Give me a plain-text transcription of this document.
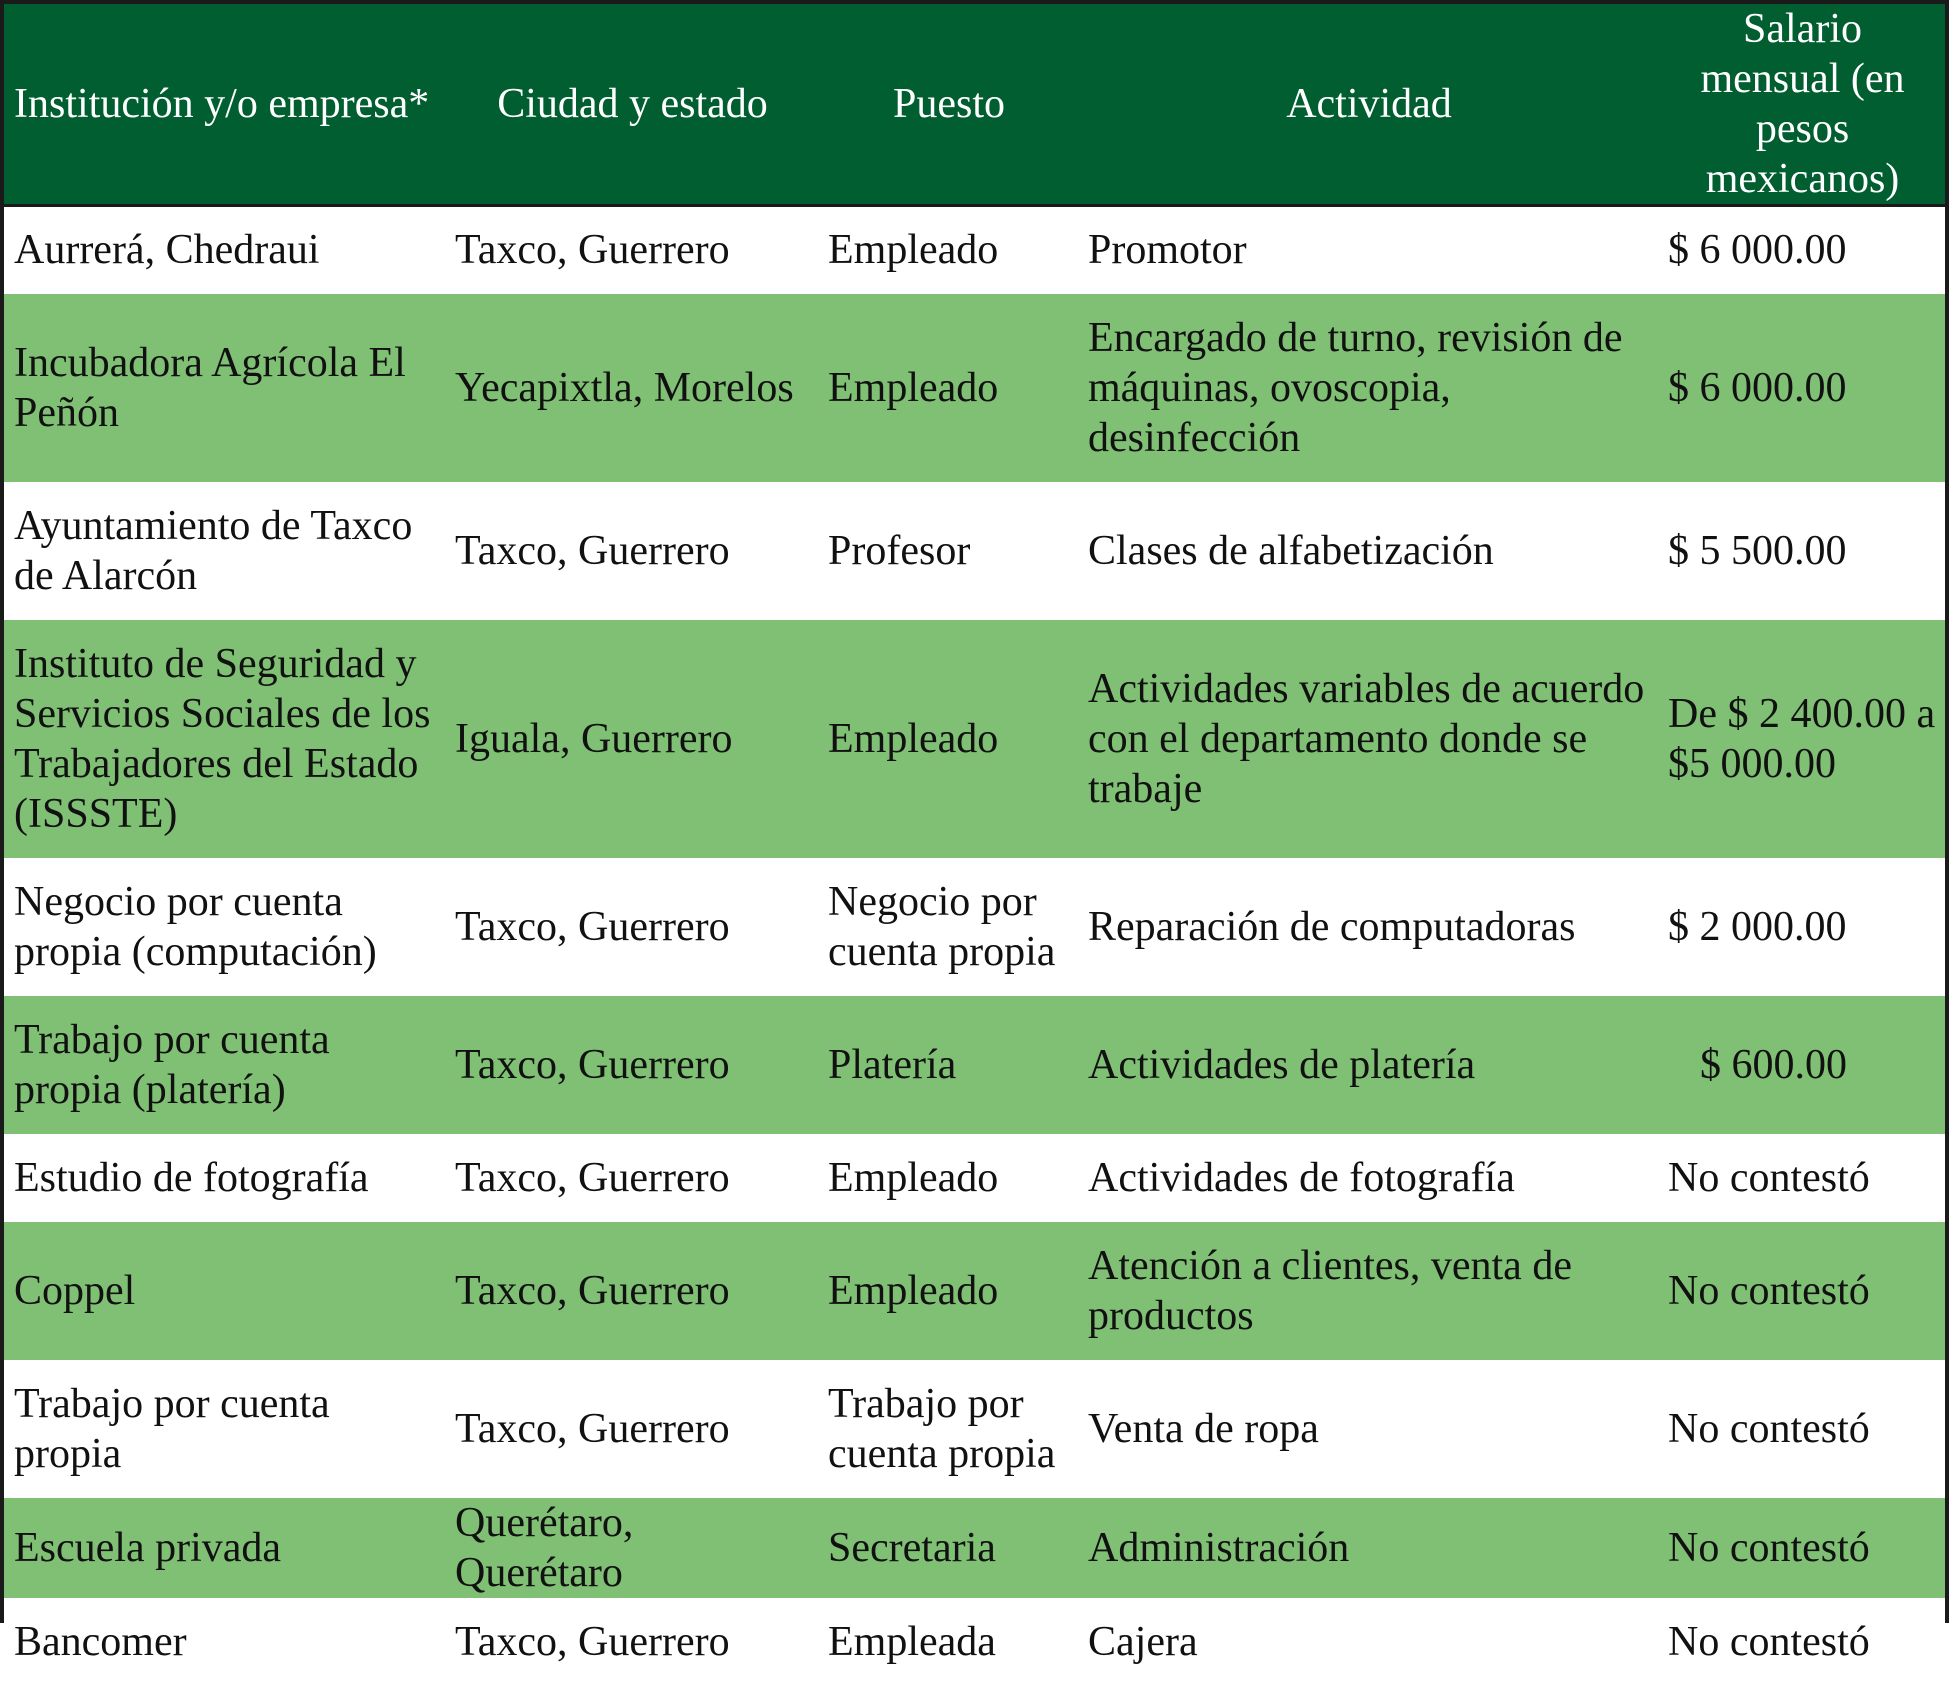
Institución y/o empresa*	Ciudad y estado	Puesto	Actividad	Salario mensual (en pesos mexicanos)
Aurrerá, Chedraui	Taxco, Guerrero	Empleado	Promotor	$ 6 000.00
Incubadora Agrícola El Peñón	Yecapixtla, Morelos	Empleado	Encargado de turno, revisión de máquinas, ovoscopia, desinfección	$ 6 000.00
Ayuntamiento de Taxco de Alarcón	Taxco, Guerrero	Profesor	Clases de alfabetización	$ 5 500.00
Instituto de Seguridad y Servicios Sociales de los Trabajadores del Estado (ISSSTE)	Iguala, Guerrero	Empleado	Actividades variables de acuerdo con el departamento donde se trabaje	De $ 2 400.00 a $5 000.00
Negocio por cuenta propia (computación)	Taxco, Guerrero	Negocio por cuenta propia	Reparación de computadoras	$ 2 000.00
Trabajo por cuenta propia (platería)	Taxco, Guerrero	Platería	Actividades de platería	$ 600.00
Estudio de fotografía	Taxco, Guerrero	Empleado	Actividades de fotografía	No contestó
Coppel	Taxco, Guerrero	Empleado	Atención a clientes, venta de productos	No contestó
Trabajo por cuenta propia	Taxco, Guerrero	Trabajo por cuenta propia	Venta de ropa	No contestó
Escuela privada	Querétaro, Querétaro	Secretaria	Administración	No contestó
Bancomer	Taxco, Guerrero	Empleada	Cajera	No contestó
